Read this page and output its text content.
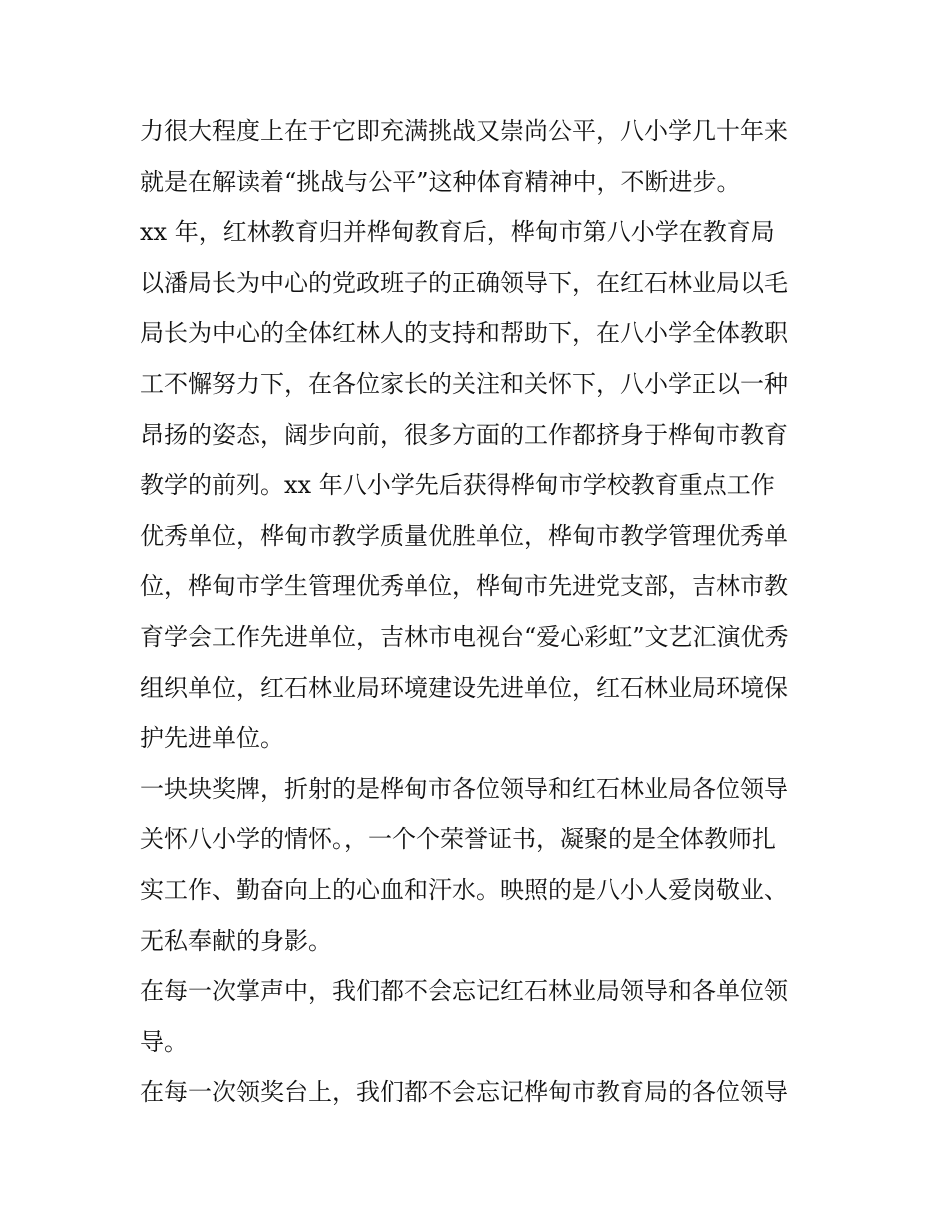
力很大程度上在于它即充满挑战又崇尚公平，八小学几十年来
就是在解读着“挑战与公平”这种体育精神中，不断进步。
xx 年，红林教育归并桦甸教育后，桦甸市第八小学在教育局
以潘局长为中心的党政班子的正确领导下，在红石林业局以毛
局长为中心的全体红林人的支持和帮助下，在八小学全体教职
工不懈努力下，在各位家长的关注和关怀下，八小学正以一种
昂扬的姿态，阔步向前，很多方面的工作都挤身于桦甸市教育
教学的前列。xx 年八小学先后获得桦甸市学校教育重点工作
优秀单位，桦甸市教学质量优胜单位，桦甸市教学管理优秀单
位，桦甸市学生管理优秀单位，桦甸市先进党支部，吉林市教
育学会工作先进单位，吉林市电视台“爱心彩虹”文艺汇演优秀
组织单位，红石林业局环境建设先进单位，红石林业局环境保
护先进单位。
一块块奖牌，折射的是桦甸市各位领导和红石林业局各位领导
关怀八小学的情怀。，一个个荣誉证书，凝聚的是全体教师扎
实工作、勤奋向上的心血和汗水。映照的是八小人爱岗敬业、
无私奉献的身影。
在每一次掌声中，我们都不会忘记红石林业局领导和各单位领
导。
在每一次领奖台上，我们都不会忘记桦甸市教育局的各位领导
